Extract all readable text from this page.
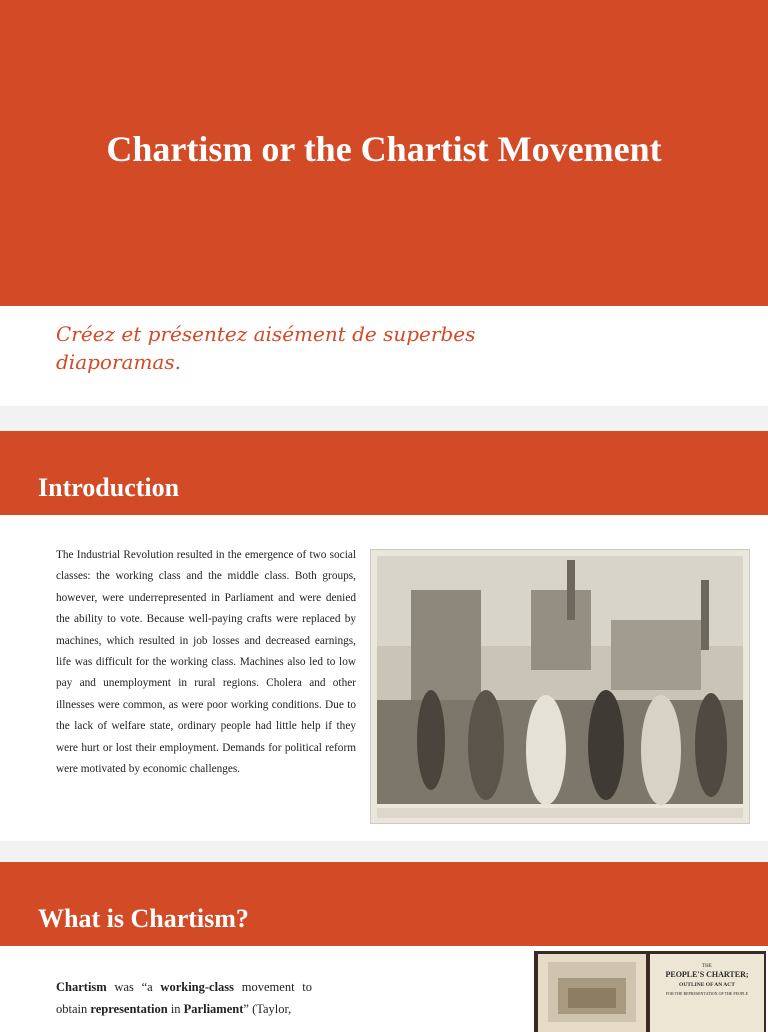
Chartism or the Chartist Movement
Créez et présentez aisément de superbes diaporamas.
Introduction

The Industrial Revolution resulted in the emergence of two social classes: the working class and the middle class. Both groups, however, were underrepresented in Parliament and were denied the ability to vote. Because well-paying crafts were replaced by machines, which resulted in job losses and decreased earnings, life was difficult for the working class. Machines also led to low pay and unemployment in rural regions. Cholera and other illnesses were common, as were poor working conditions. Due to the lack of welfare state, ordinary people had little help if they were hurt or lost their employment. Demands for political reform were motivated by economic challenges.

What is Chartism?

Chartism was “a working-class movement to obtain representation in Parliament” (Taylor,

THE
PEOPLE'S CHARTER;
OUTLINE OF AN ACT
FOR THE REPRESENTATION OF THE PEOPLE
